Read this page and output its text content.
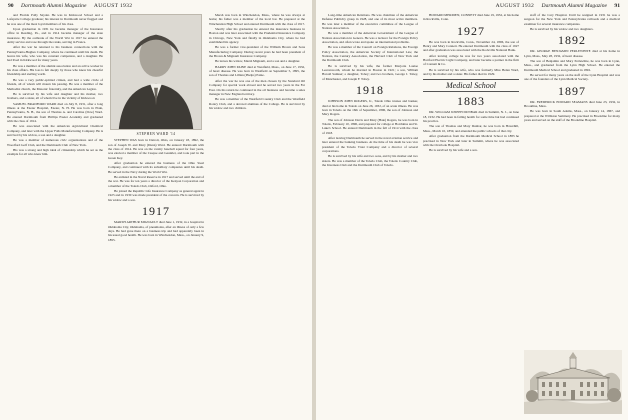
90 Dartmouth Alumni Magazine AUGUST 1932

and Florida Polly Snyder. He was in Kirkwood School and a Lafayette College graduate; his interest in Dartmouth never flagged and he was one of the most loyal members of his class.

Upon graduation in 1931 he became manager of the Insurance office in Reading, Pa., and in 1914 became manager of the state insurance. By the outbreak of the World War in 1917 he entered the Army service and rose through the ranks, serving in France.

After the war he returned to his business connections with the Pennsylvania-Hughes Company, where he continued until his death. He leaves his wife, who was his constant companion, and a daughter. He had lived in Kirkwood for many years.

He was a member of the alumni association and an active worker in his class affairs. His loss is felt deeply by those who knew his cheerful friendship and sterling worth.

He was a very public-spirited citizen, and had a wide circle of friends, all of whom will mourn his passing. He was a member of the Methodist church, the Masonic fraternity, and the American Legion.

He is survived by his wife and daughter and his mother, two brothers, and a sister, all of whom live in the vicinity of Kirkwood.

SAMUEL BRADFORD WARD died on July 8, 1931, after a long illness at the Exeter Hospital, Exeter, N. H. He was born in Plain, Pennsylvania, N. H., the son of Thomas A. and Caroline (Dow) Ward. He entered Dartmouth from Phillips Exeter Academy and graduated with the class of 1914.

He was associated with the American Agricultural Chemical Company, and later with the Upper Falls Manufacturing Company. He is survived by his widow, a son and a daughter.

He was a member of numerous civic organizations and of the Woodford Golf Club, and the Dartmouth Club of New York.

His was a strong and high ideal of citizenship which he set as the example for all who knew him.

STEPHEN WARD '14

STEPHEN WAS born in Detroit, Ohio, on January 18, 1892, the son of Joseph W. and Mary (Dunn) Ward. He entered Dartmouth with the class of 1914. He was on the varsity baseball squad for four years, was elected a member of the Casque and Gauntlet, and took part in the Green Key.

After graduation he entered the business of the Ohio Steel Company, and continued with its subsidiary companies until his death. He served in the Navy during the World War.

He enlisted in the Naval Reserve in 1917 and served until the end of the war. He was for ten years a director of the Kenyon Corporation and a member of the Toledo Club, Oxford, Ohio.

He joined the Republic Life Insurance Company as general agent in 1925 and in 1930 was made president of the concern. He is survived by his widow and a son.

1917

MARSH ARTHUR MIGNAULT died June 1, 1932, in a hospital in Oklahoma City, Oklahoma, of pneumonia, after an illness of only a few days. He had gone there on a business trip and had apparently been in his usual good health. He was born in Winchendon, Mass., on January 9, 1895.

Marsh was born in Winchendon, Mass., where he was always at home; his father was a member of the local bar. He prepared at the Winchendon High School and entered Dartmouth with the class of 1917.

Shortly after his graduation he entered the insurance business in Boston and was later associated with the Prudential Insurance Company in Chicago, New York and finally in Oklahoma City, where he had established his agency.

He was a former vice-president of the William Brown and Sons Manufacturing Company. During recent years he had been president of the Brown & Mignault Insurance Company.

He leaves his widow, Marsh Mignault, and a son and a daughter.

HARRY JOHN PAINE died at Westfield, Mass., on June 17, 1932, of heart disease. He was born in Westfield on September 5, 1895, the son of Thomas and Lillian (Phelps) Paine.

After the war he was one of the men chosen by the Standard Oil Company for special work abroad and he served two years in the Far East. On his return he continued in the oil business and became a sales manager in New England territory.

He was a member of the Westfield Country Club and the Westfield Rotary Club, and a devoted alumnus of the College. He is survived by his widow and two children.

AUGUST 1932 Dartmouth Alumni Magazine 91

Long-time American Relations. He was chairman of the American Defense Publicity group in 1928, and one of its most active members. He was later a member of the executive committee of the League of Nations Association.

He was a member of the American Government of the League of Nations Association in Geneva. He was a lecturer for the Foreign Policy Association, and often wrote and spoke on international problems.

He was a member of the Council on Foreign Relations, the Foreign Policy Association, the American Society of International Law, the Nations, the Century Association, the Harvard Club of New York and the Dartmouth Club.

He is survived by his wife, the former Marjorie Louise Leavenworth, whom he married in Boston in 1921; a son, William Harold Sumner; a daughter, Tobey; and two brothers, George J. Tobey, of Manchester, and Joseph F. Tobey.

1918

JOHNSON JOHN ROGERS, Jr., Toledo Ohio trustee and banker, died at his home in Toledo on June 26, 1932, of an acute illness. He was born in Toledo on the 16th of September, 1896, the son of Johnson and Mary Rogers.

The son of Johnson Davis and Mary (Hale) Rogers, he was born in Toledo, February 10, 1896, and prepared for college at Hotchkiss and St. Luke's School. He entered Dartmouth in the fall of 1914 with the class of 1918.

After leaving Dartmouth he served in the naval aviation service and later entered the banking business. At the time of his death he was vice president of the Toledo Trust Company and a director of several corporations.

He is survived by his wife and two sons, and by his mother and two sisters. He was a member of the Toledo Club, the Toledo Country Club, the Inverness Club and the Dartmouth Club of Toledo.

HOWARD MERIDEN, CONNETT died June 19, 1932, at his home in Rockville, Conn.

1927

He was born in Rockville, Conn., November 24, 1896, the son of Henry and Mary Connett. He entered Dartmouth with the class of 1927 and after graduation was associated with the Rockville National Bank.

After leaving college he was for two years associated with the Hartford Electric Light Company, and later became a partner in the firm of Connett & Co.

He is survived by his wife, who was formerly Miss Helen Ward, and by his mother and a sister. His father died in 1929.

Medical School
1883

DR. WILLIAM JOSEPH DUNBAR died in Summit, N. J., on June 18, 1932. He had been in failing health for some time but had continued his practice.

The son of Thomas and Mary Dunbar, he was born in Haverhill, Mass., March 10, 1859, and attended the public schools of that city.

After graduation from the Dartmouth Medical School in 1883 he practised in New York and later in Summit, where he was associated with the Overlook Hospital.

He is survived by his wife and a son.

staff of the Cary Hospital. Until he resigned in 1931 he was a surgeon for the New York and Pennsylvania railroads and a medical examiner for several insurance companies.

He is survived by his widow and two daughters.

1892

DR. GEORGE BENJAMIN PERLEWHITE died at his home in Lynn, Mass., May 28, 1932, of heart disease.

The son of Benjamin and Mary Perlewhite, he was born in Lynn, Mass., and graduated from the Lynn High School. He entered the Dartmouth Medical School and graduated in 1892.

He served for many years on the staff of the Lynn Hospital and was one of the founders of the Lynn Medical Society.

1897

DR. FREDERICK EDWARD SEAMANS died June 23, 1932, in Brookline, Mass.

He was born in South Adams, Mass., on January 14, 1867, and prepared at the Williston Seminary. He practised in Brookline for many years and served on the staff of the Brookline Hospital.
